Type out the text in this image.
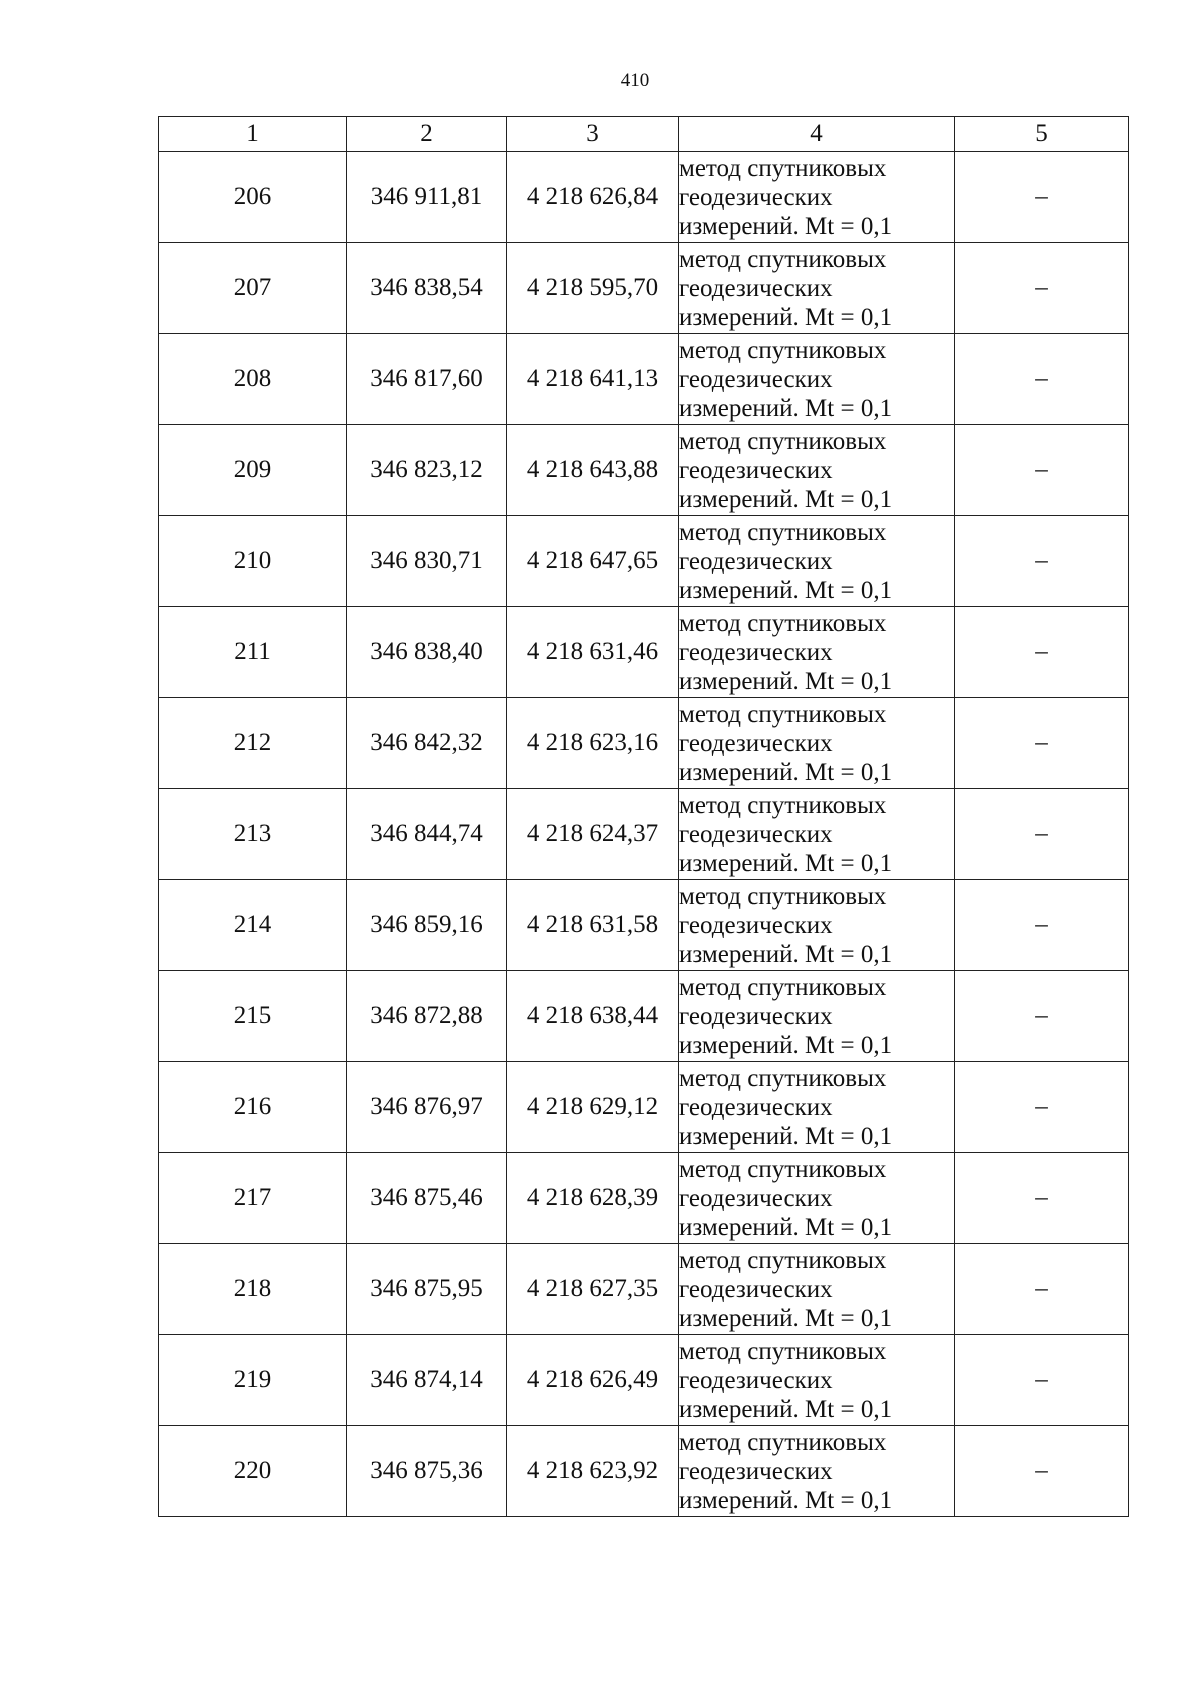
410
1	2	3	4	5
206	346 911,81	4 218 626,84	метод спутниковых
геодезических
измерений. Mt = 0,1	–
207	346 838,54	4 218 595,70	метод спутниковых
геодезических
измерений. Mt = 0,1	–
208	346 817,60	4 218 641,13	метод спутниковых
геодезических
измерений. Mt = 0,1	–
209	346 823,12	4 218 643,88	метод спутниковых
геодезических
измерений. Mt = 0,1	–
210	346 830,71	4 218 647,65	метод спутниковых
геодезических
измерений. Mt = 0,1	–
211	346 838,40	4 218 631,46	метод спутниковых
геодезических
измерений. Mt = 0,1	–
212	346 842,32	4 218 623,16	метод спутниковых
геодезических
измерений. Mt = 0,1	–
213	346 844,74	4 218 624,37	метод спутниковых
геодезических
измерений. Mt = 0,1	–
214	346 859,16	4 218 631,58	метод спутниковых
геодезических
измерений. Mt = 0,1	–
215	346 872,88	4 218 638,44	метод спутниковых
геодезических
измерений. Mt = 0,1	–
216	346 876,97	4 218 629,12	метод спутниковых
геодезических
измерений. Mt = 0,1	–
217	346 875,46	4 218 628,39	метод спутниковых
геодезических
измерений. Mt = 0,1	–
218	346 875,95	4 218 627,35	метод спутниковых
геодезических
измерений. Mt = 0,1	–
219	346 874,14	4 218 626,49	метод спутниковых
геодезических
измерений. Mt = 0,1	–
220	346 875,36	4 218 623,92	метод спутниковых
геодезических
измерений. Mt = 0,1	–
